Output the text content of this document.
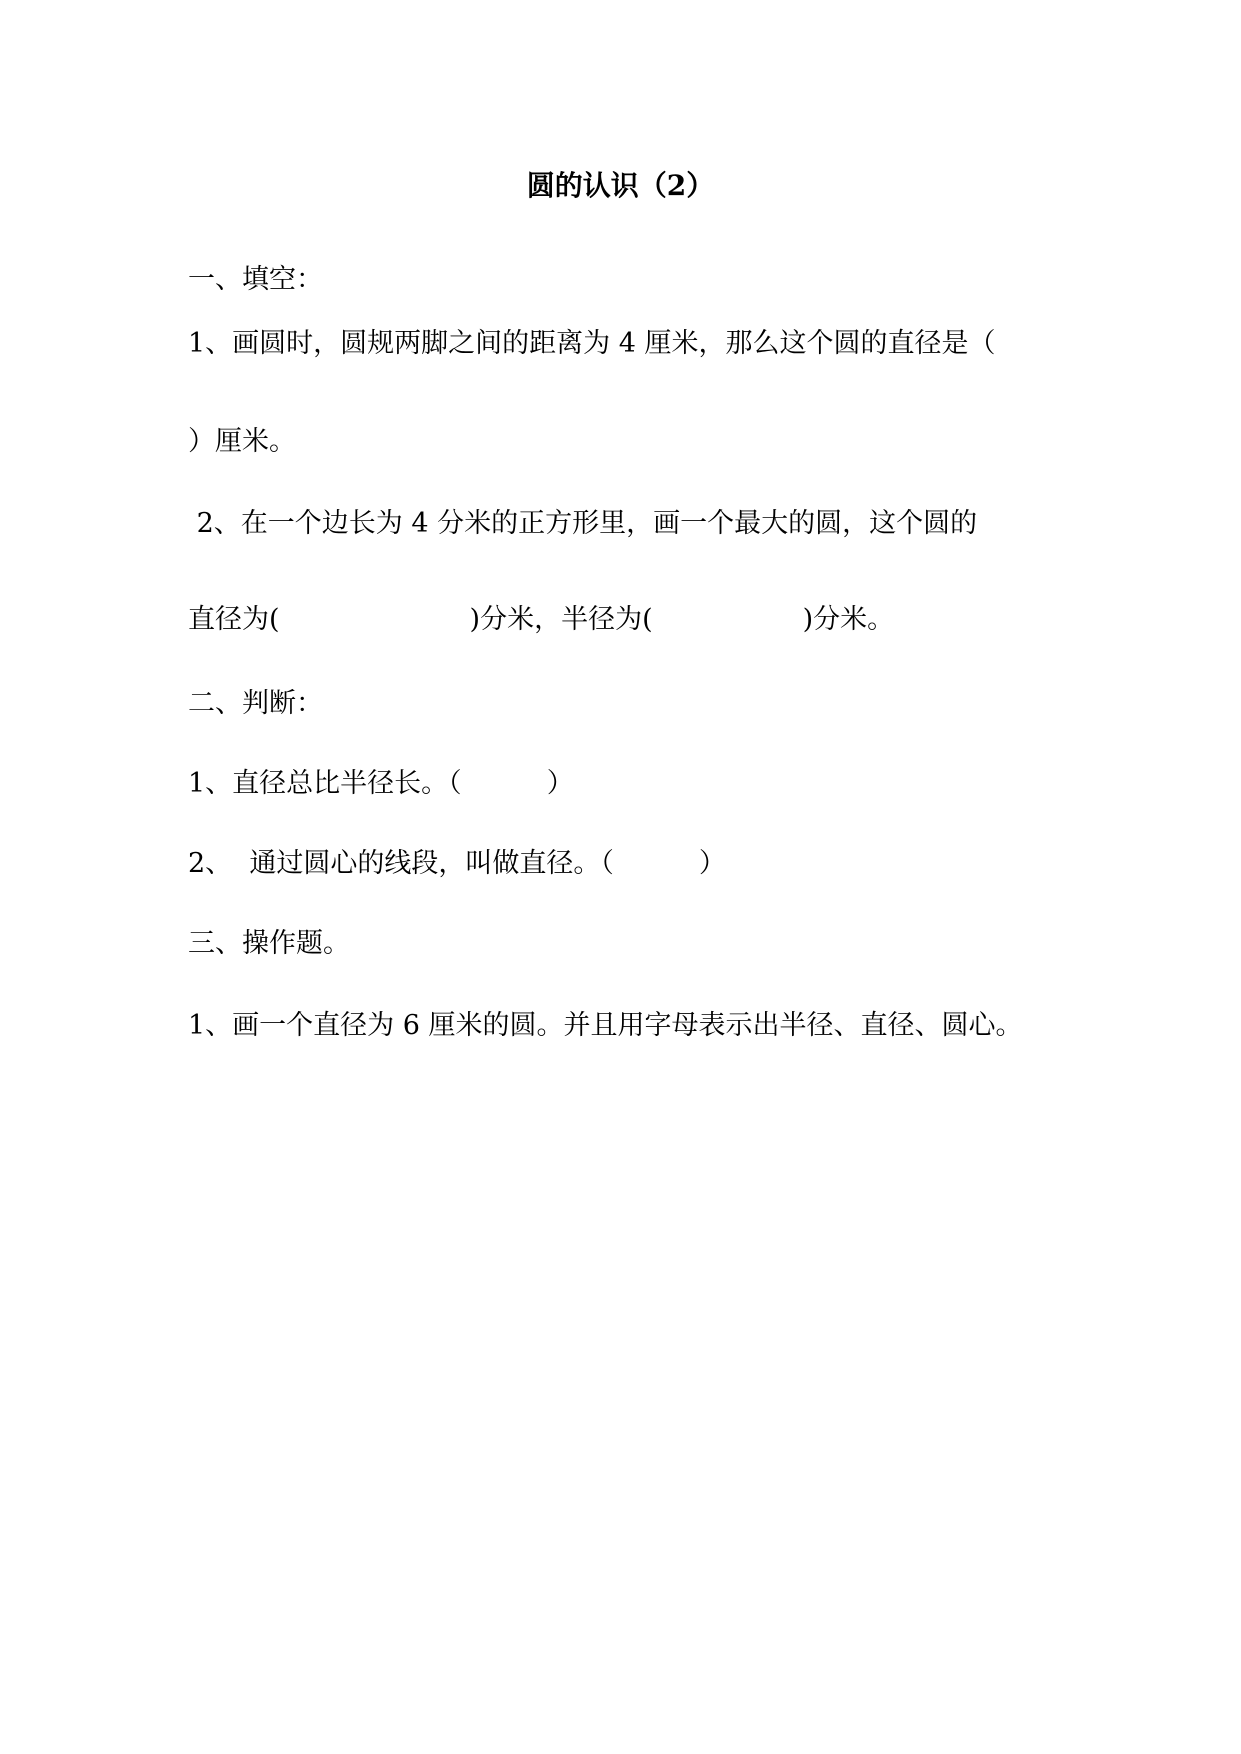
圆的认识（2）
一、填空：
1、画圆时，圆规两脚之间的距离为 4 厘米，那么这个圆的直径是（
）厘米。
2、在一个边长为 4 分米的正方形里，画一个最大的圆，这个圆的
直径为(	)分米，半径为(	)分米。
二、判断：
1、直径总比半径长。（	）
2、  通过圆心的线段，叫做直径。（	）
三、操作题。
1、画一个直径为 6 厘米的圆。并且用字母表示出半径、直径、圆心。
